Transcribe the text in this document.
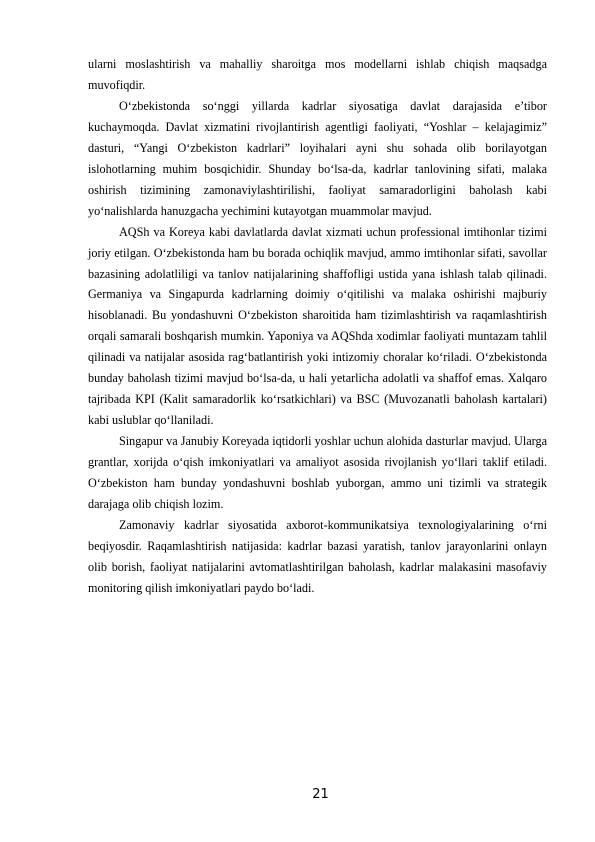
ularni moslashtirish va mahalliy sharoitga mos modellarni ishlab chiqish maqsadga muvofiqdir.

O‘zbekistonda so‘nggi yillarda kadrlar siyosatiga davlat darajasida e’tibor kuchaymoqda. Davlat xizmatini rivojlantirish agentligi faoliyati, “Yoshlar – kelajagimiz” dasturi, “Yangi O‘zbekiston kadrlari” loyihalari ayni shu sohada olib borilayotgan islohotlarning muhim bosqichidir. Shunday bo‘lsa-da, kadrlar tanlovining sifati, malaka oshirish tizimining zamonaviylashtirilishi, faoliyat samaradorligini baholash kabi yo‘nalishlarda hanuzgacha yechimini kutayotgan muammolar mavjud.

AQSh va Koreya kabi davlatlarda davlat xizmati uchun professional imtihonlar tizimi joriy etilgan. O‘zbekistonda ham bu borada ochiqlik mavjud, ammo imtihonlar sifati, savollar bazasining adolatliligi va tanlov natijalarining shaffofligi ustida yana ishlash talab qilinadi. Germaniya va Singapurda kadrlarning doimiy o‘qitilishi va malaka oshirishi majburiy hisoblanadi. Bu yondashuvni O‘zbekiston sharoitida ham tizimlashtirish va raqamlashtirish orqali samarali boshqarish mumkin. Yaponiya va AQShda xodimlar faoliyati muntazam tahlil qilinadi va natijalar asosida rag‘batlantirish yoki intizomiy choralar ko‘riladi. O‘zbekistonda bunday baholash tizimi mavjud bo‘lsa-da, u hali yetarlicha adolatli va shaffof emas. Xalqaro tajribada KPI (Kalit samaradorlik ko‘rsatkichlari) va BSC (Muvozanatli baholash kartalari) kabi uslublar qo‘llaniladi.

Singapur va Janubiy Koreyada iqtidorli yoshlar uchun alohida dasturlar mavjud. Ularga grantlar, xorijda o‘qish imkoniyatlari va amaliyot asosida rivojlanish yo‘llari taklif etiladi. O‘zbekiston ham bunday yondashuvni boshlab yuborgan, ammo uni tizimli va strategik darajaga olib chiqish lozim.

Zamonaviy kadrlar siyosatida axborot-kommunikatsiya texnologiyalarining o‘rni beqiyosdir. Raqamlashtirish natijasida: kadrlar bazasi yaratish, tanlov jarayonlarini onlayn olib borish, faoliyat natijalarini avtomatlashtirilgan baholash, kadrlar malakasini masofaviy monitoring qilish imkoniyatlari paydo bo‘ladi.

21
